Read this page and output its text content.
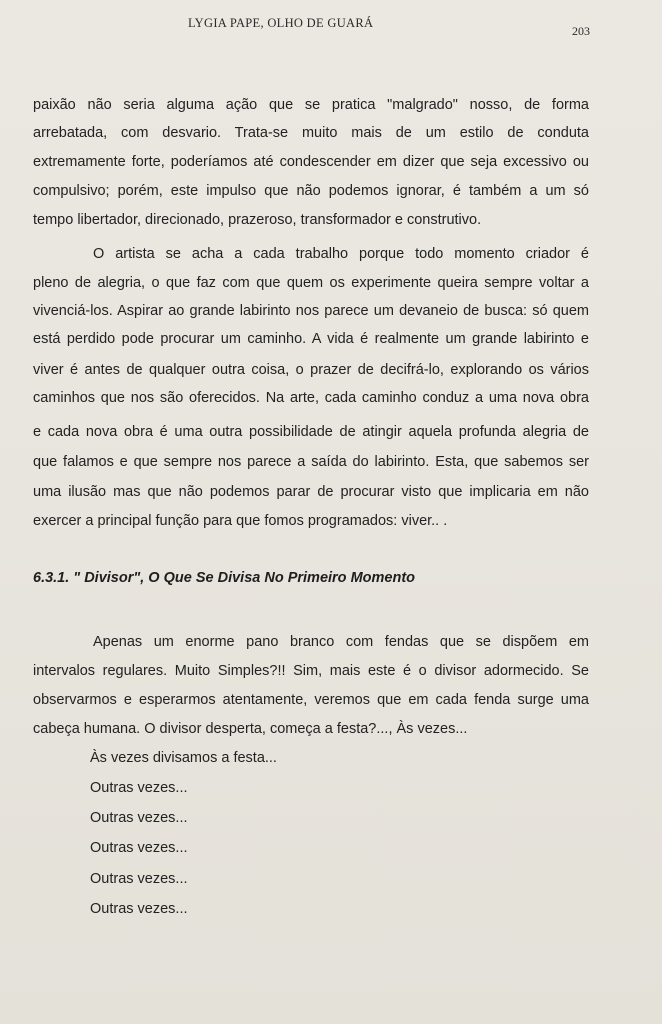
LYGIA PAPE, OLHO DE GUARÁ
203
paixão não seria alguma ação que se pratica "malgrado" nosso, de forma
arrebatada, com desvario. Trata-se muito mais de um estilo de conduta
extremamente forte, poderíamos até condescender em dizer que seja excessivo ou
compulsivo; porém, este impulso que não podemos ignorar, é também a um só
tempo libertador, direcionado, prazeroso, transformador e construtivo.
O artista se acha a cada trabalho porque todo momento criador é
pleno de alegria, o que faz com que quem os experimente queira sempre voltar a
vivenciá-los. Aspirar ao grande labirinto nos parece um devaneio de busca: só quem
está perdido pode procurar um caminho. A vida é realmente um grande labirinto e
viver é antes de qualquer outra coisa, o prazer de decifrá-lo, explorando os vários
caminhos que nos são oferecidos. Na arte, cada caminho conduz a uma nova obra
e cada nova obra é uma outra possibilidade de atingir aquela profunda alegria de
que falamos e que sempre nos parece a saída do labirinto. Esta, que sabemos ser
uma ilusão mas que não podemos parar de procurar visto que implicaria em não
exercer a principal função para que fomos programados: viver.. .
6.3.1. " Divisor", O Que Se Divisa No Primeiro Momento
Apenas um enorme pano branco com fendas que se dispõem em
intervalos regulares. Muito Simples?!! Sim, mais este é o divisor adormecido. Se
observarmos e esperarmos atentamente, veremos que em cada fenda surge uma
cabeça humana. O divisor desperta, começa a festa?..., Às vezes...
Às vezes divisamos a festa...
Outras vezes...
Outras vezes...
Outras vezes...
Outras vezes...
Outras vezes...
